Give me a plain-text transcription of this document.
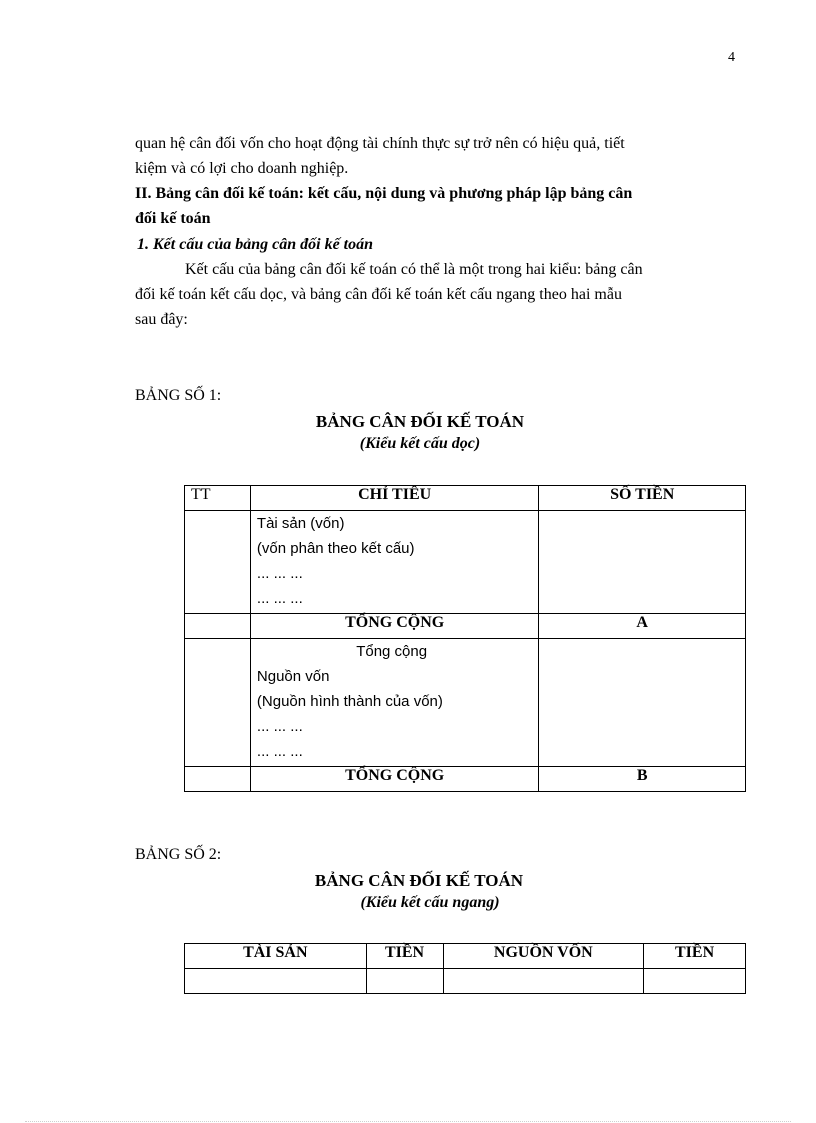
4
quan hệ cân đối vốn cho hoạt động tài chính thực sự trở nên có hiệu quả, tiết
kiệm và có lợi cho doanh nghiệp.
II. Bảng cân đối kế toán: kết cấu, nội dung và phương pháp lập bảng cân
đối kế toán
1. Kết cấu của bảng cân đối kế toán
Kết cấu của bảng cân đối kế toán có thể là một trong hai kiểu: bảng cân
đối kế toán kết cấu dọc, và bảng cân đối kế toán kết cấu ngang theo hai mẫu
sau đây:
BẢNG SỐ 1:
BẢNG CÂN ĐỐI KẾ TOÁN
(Kiểu kết cấu dọc)
TT	CHỈ TIÊU	SỐ TIỀN

	Tài sản (vốn)
(vốn phân theo kết cấu)
... ... ...
... ... ...	

	TỔNG CỘNG	A

	Tổng cộng
Nguồn vốn
(Nguồn hình thành của vốn)
... ... ...
... ... ...	

	TỔNG CỘNG	B
BẢNG SỐ 2:
BẢNG CÂN ĐỐI KẾ TOÁN
(Kiểu kết cấu ngang)
TÀI SẢN	TIỀN	NGUỒN VỐN	TIỀN
